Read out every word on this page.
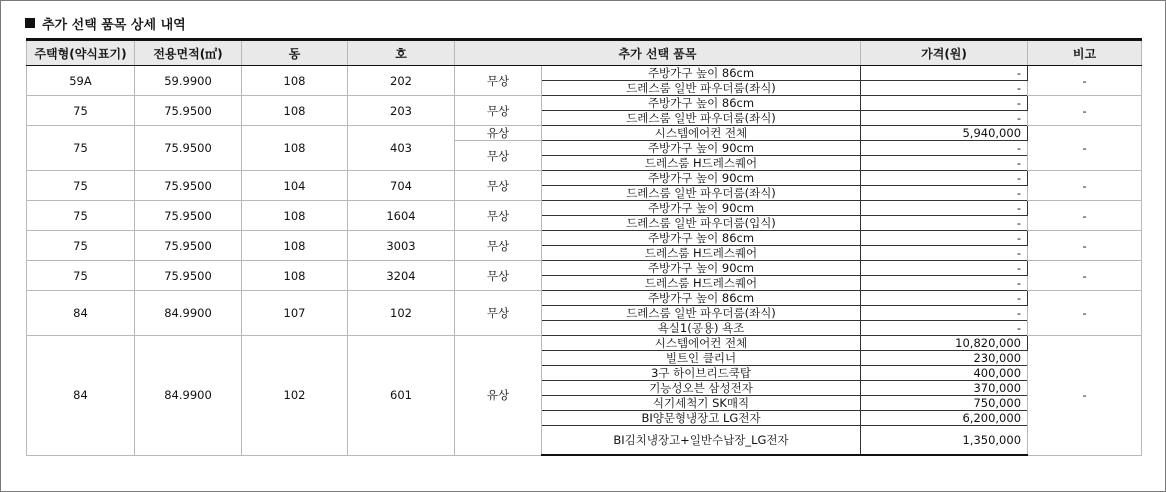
추가 선택 품목 상세 내역
주택형(약식표기)	전용면적(㎡)	동	호	추가 선택 품목		가격(원)	비고
59A	59.9900	108	202	무상	주방가구 높이 86cm	-	-
					드레스룸 일반 파우더룸(좌식)	-	
75	75.9500	108	203	무상	주방가구 높이 86cm	-	-
					드레스룸 일반 파우더룸(좌식)	-	
75	75.9500	108	403	유상	시스템에어컨 전체	5,940,000	-
				무상	주방가구 높이 90cm	-	
					드레스룸 H드레스퀘어	-	
75	75.9500	104	704	무상	주방가구 높이 90cm	-	-
					드레스룸 일반 파우더룸(좌식)	-	
75	75.9500	108	1604	무상	주방가구 높이 90cm	-	-
					드레스룸 일반 파우더룸(입식)	-	
75	75.9500	108	3003	무상	주방가구 높이 86cm	-	-
					드레스룸 H드레스퀘어	-	
75	75.9500	108	3204	무상	주방가구 높이 90cm	-	-
					드레스룸 H드레스퀘어	-	
84	84.9900	107	102	무상	주방가구 높이 86cm	-	-
					드레스룸 일반 파우더룸(좌식)	-	
					욕실1(공용) 욕조	-	
84	84.9900	102	601	유상	시스템에어컨 전체	10,820,000	-
					빌트인 클리너	230,000	
					3구 하이브리드쿡탑	400,000	
					기능성오븐 삼성전자	370,000	
					식기세척기 SK매직	750,000	
					BI양문형냉장고 LG전자	6,200,000	
					BI김치냉장고+일반수납장_LG전자	1,350,000	
